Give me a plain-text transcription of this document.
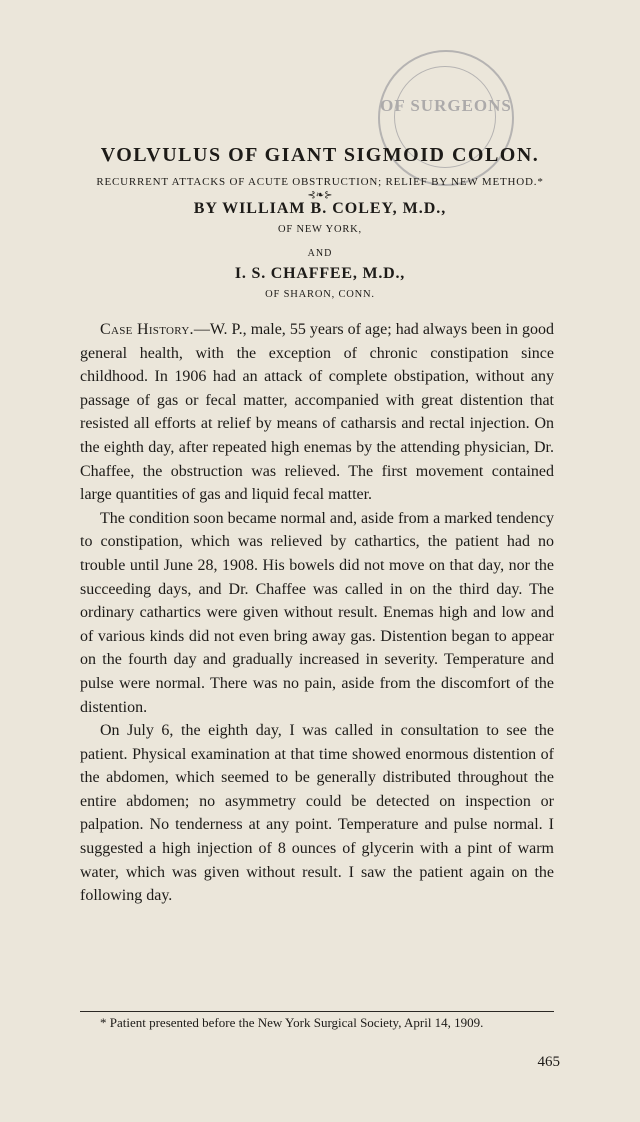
OF SURGEONS
VOLVULUS OF GIANT SIGMOID COLON.
RECURRENT ATTACKS OF ACUTE OBSTRUCTION; RELIEF BY NEW METHOD.*
⊰❧⊱
BY WILLIAM B. COLEY, M.D.,
OF NEW YORK,
AND
I. S. CHAFFEE, M.D.,
OF SHARON, CONN.

Case History.—W. P., male, 55 years of age; had always been in good general health, with the exception of chronic constipation since childhood. In 1906 had an attack of complete obstipation, without any passage of gas or fecal matter, accompanied with great distention that resisted all efforts at relief by means of catharsis and rectal injection. On the eighth day, after repeated high enemas by the attending physician, Dr. Chaffee, the obstruction was relieved. The first movement contained large quantities of gas and liquid fecal matter.

The condition soon became normal and, aside from a marked tendency to constipation, which was relieved by cathartics, the patient had no trouble until June 28, 1908. His bowels did not move on that day, nor the succeeding days, and Dr. Chaffee was called in on the third day. The ordinary cathartics were given without result. Enemas high and low and of various kinds did not even bring away gas. Distention began to appear on the fourth day and gradually increased in severity. Temperature and pulse were normal. There was no pain, aside from the discomfort of the distention.

On July 6, the eighth day, I was called in consultation to see the patient. Physical examination at that time showed enormous distention of the abdomen, which seemed to be generally distributed throughout the entire abdomen; no asymmetry could be detected on inspection or palpation. No tenderness at any point. Temperature and pulse normal. I suggested a high injection of 8 ounces of glycerin with a pint of warm water, which was given without result. I saw the patient again on the following day.

* Patient presented before the New York Surgical Society, April 14, 1909.
465
